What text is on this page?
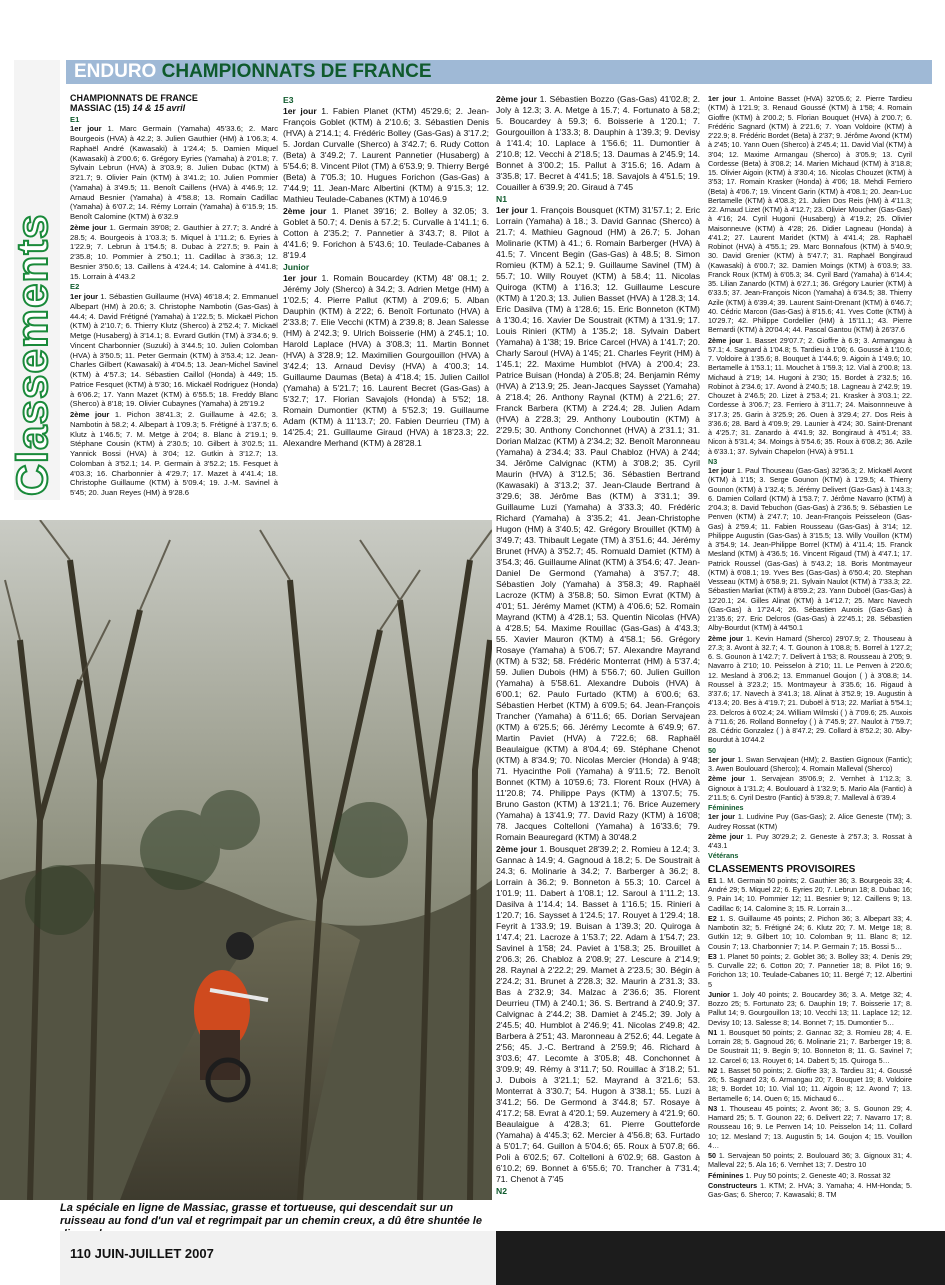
Classements
ENDURO CHAMPIONNATS DE FRANCE
CHAMPIONNATS DE FRANCE
MASSIAC (15) 14 & 15 avril
E1

1er jour 1. Marc Germain (Yamaha) 45'33.6; 2. Marc Bourgeois (HVA) à 42.2; 3. Julien Gauthier (HM) à 1'06.3; 4. Raphaël André (Kawasaki) à 1'24.4; 5. Damien Miquel (Kawasaki) à 2'00.6; 6. Grégory Eyries (Yamaha) à 2'01.8; 7. Sylvain Lebrun (HVA) à 3'03.9; 8. Julien Dubac (KTM) à 3'21.7; 9. Olivier Pain (KTM) à 3'41.2; 10. Julien Pommier (Yamaha) à 3'49.5; 11. Benoît Caillens (HVA) à 4'46.9; 12. Arnaud Besnier (Yamaha) à 4'58.8; 13. Romain Cadillac (Yamaha) à 6'07.2; 14. Rémy Lorrain (Yamaha) à 6'15.9; 15. Benoît Calomine (KTM) à 6'32.9

2ème jour 1. Germain 39'08; 2. Gauthier à 27.7; 3. André à 28.5; 4. Bourgeois à 1'03.3; 5. Miquel à 1'11.2; 6. Eyries à 1'22.9; 7. Lebrun à 1'54.5; 8. Dubac à 2'27.5; 9. Pain à 2'35.8; 10. Pommier à 2'50.1; 11. Cadillac à 3'36.3; 12. Besnier 3'50.6; 13. Caillens à 4'24.4; 14. Calomine à 4'41.8; 15. Lorrain à 4'43.2

E2

1er jour 1. Sébastien Guillaume (HVA) 46'18.4; 2. Emmanuel Albepart (HM) à 20.6; 3. Christophe Nambotin (Gas-Gas) à 44.4; 4. David Frétigné (Yamaha) à 1'22.5; 5. Mickaël Pichon (KTM) à 2'10.7; 6. Thierry Klutz (Sherco) à 2'52.4; 7. Mickaël Metge (Husaberg) à 3'14.1; 8. Evrard Gutkin (TM) à 3'34.6; 9. Vincent Charbonnier (Suzuki) à 3'44.5; 10. Julien Colomban (HVA) à 3'50.5; 11. Peter Germain (KTM) à 3'53.4; 12. Jean-Charles Gilbert (Kawasaki) à 4'04.5; 13. Jean-Michel Savinel (KTM) à 4'57.3; 14. Sébastien Caillol (Honda) à 449; 15. Patrice Fesquet (KTM) à 5'30; 16. Mickaël Rodriguez (Honda) à 6'06.2; 17. Yann Mazet (KTM) à 6'55.5; 18. Freddy Blanc (Sherco) à 8'18; 19. Olivier Cubaynes (Yamaha) à 25'19.2

2ème jour 1. Pichon 38'41.3; 2. Guillaume à 42.6; 3. Nambotin à 58.2; 4. Albepart à 1'09.3; 5. Frétigné à 1'37.5; 6. Klutz à 1'46.5; 7. M. Metge à 2'04; 8. Blanc à 2'19.1; 9. Stéphane Cousin (KTM) à 2'30.5; 10. Gilbert à 3'02.5; 11. Yannick Bossi (HVA) à 3'04; 12. Gutkin à 3'12.7; 13. Colomban à 3'52.1; 14. P. Germain à 3'52.2; 15. Fesquet à 4'03.3; 16. Charbonnier à 4'29.7; 17. Mazet à 4'41.4; 18. Christophe Guillaume (KTM) à 5'09.4; 19. J.-M. Savinel à 5'45; 20. Juan Reyes (HM) à 9'28.6

E3

1er jour 1. Fabien Planet (KTM) 45'29.6; 2. Jean-François Goblet (KTM) à 2'10.6; 3. Sébastien Denis (HVA) à 2'14.1; 4. Frédéric Bolley (Gas-Gas) à 3'17.2; 5. Jordan Curvalle (Sherco) à 3'42.7; 6. Rudy Cotton (Beta) à 3'49.2; 7. Laurent Pannetier (Husaberg) à 5'54.6; 8. Vincent Pilot (TM) à 6'53.9; 9. Thierry Bergé (Beta) à 7'05.3; 10. Hugues Forichon (Gas-Gas) à 7'44.9; 11. Jean-Marc Albertini (KTM) à 9'15.3; 12. Mathieu Teulade-Cabanes (KTM) à 10'46.9

2ème jour 1. Planet 39'16; 2. Bolley à 32.05; 3. Goblet à 50.7; 4. Denis à 57.2; 5. Curvalle à 1'41.1; 6. Cotton à 2'35.2; 7. Pannetier à 3'43.7; 8. Pilot à 4'41.6; 9. Forichon à 5'43.6; 10. Teulade-Cabanes à 8'19.4

Junior

1er jour 1. Romain Boucardey (KTM) 48' 08.1; 2. Jérémy Joly (Sherco) à 34.2; 3. Adrien Metge (HM) à 1'02.5; 4. Pierre Pallut (KTM) à 2'09.6; 5. Alban Dauphin (KTM) à 2'22; 6. Benoît Fortunato (HVA) à 2'33.8; 7. Elie Vecchi (KTM) à 2'39.8; 8. Jean Salesse (HM) à 2'42.3; 9. Ulrich Boisserie (HM) à 2'45.1; 10. Harold Laplace (HVA) à 3'08.3; 11. Martin Bonnet (HVA) à 3'28.9; 12. Maximilien Gourgouillon (HVA) à 3'42.4; 13. Arnaud Devisy (HVA) à 4'00.3; 14. Guillaume Daumas (Beta) à 4'18.4; 15. Julien Caillol (Yamaha) à 5'21.7; 16. Laurent Becret (Gas-Gas) à 5'32.7; 17. Florian Savajols (Honda) à 5'52; 18. Romain Dumontier (KTM) à 5'52.3; 19. Guillaume Adam (KTM) à 11'13.7; 20. Fabien Deurrieu (TM) à 14'25.4; 21. Guillaume Giraud (HVA) à 18'23.3; 22. Alexandre Merhand (KTM) à 28'28.1

2ème jour 1. Sébastien Bozzo (Gas-Gas) 41'02.8; 2. Joly à 12.3; 3. A. Metge à 15.7; 4. Fortunato à 58.2; 5. Boucardey à 59.3; 6. Boisserie à 1'20.1; 7. Gourgouillon à 1'33.3; 8. Dauphin à 1'39.3; 9. Devisy à 1'41.4; 10. Laplace à 1'56.6; 11. Dumontier à 2'10.8; 12. Vecchi à 2'18.5; 13. Daumas à 2'45.9; 14. Bonnet à 3'00.2; 15. Pallut à 3'15.6; 16. Adam à 3'35.8; 17. Becret à 4'41.5; 18. Savajols à 4'51.5; 19. Couailler à 6'39.9; 20. Giraud à 7'45

N1

1er jour 1. François Bousquet (KTM) 31'57.1; 2. Eric Lorrain (Yamaha) à 18.; 3. David Gannac (Sherco) à 21.7; 4. Mathieu Gagnoud (HM) à 26.7; 5. Johan Molinarie (KTM) à 41.; 6. Romain Barberger (HVA) à 41.5; 7. Vincent Begin (Gas-Gas) à 48.5; 8. Simon Romieu (KTM) à 52.1; 9. Guillaume Savinel (TM) à 55.7; 10. Willy Rouyet (KTM) à 58.4; 11. Nicolas Quiroga (KTM) à 1'16.3; 12. Guillaume Lescure (KTM) à 1'20.3; 13. Julien Basset (HVA) à 1'28.3; 14. Eric Dasilva (TM) à 1'28.6; 15. Eric Bonneton (KTM) à 1'30.4; 16. Xavier De Soustrait (KTM) à 1'31.9; 17. Louis Rinieri (KTM) à 1'35.2; 18. Sylvain Dabert (Yamaha) à 1'38; 19. Brice Carcel (HVA) à 1'41.7; 20. Charly Saroul (HVA) à 1'45; 21. Charles Feyrit (HM) à 1'45.1; 22. Maxime Humblot (HVA) à 2'00.4; 23. Patrice Buisan (Honda) à 2'05.8; 24. Benjamin Rémy (HVA) à 2'13.9; 25. Jean-Jacques Saysset (Yamaha) à 2'18.4; 26. Anthony Raynal (KTM) à 2'21.6; 27. Franck Barbera (KTM) à 2'24.4; 28. Julien Adam (HVA) à 2'28.3; 29. Anthony Louboutin (KTM) à 2'29.5; 30. Anthony Conchonnet (HVA) à 2'31.1; 31. Dorian Malzac (KTM) à 2'34.2; 32. Benoît Maronneau (Yamaha) à 2'34.4; 33. Paul Chabloz (HVA) à 2'44; 34. Jérôme Calvignac (KTM) à 3'08.2; 35. Cyril Maurin (HVA) à 3'12.5; 36. Sébastien Bertrand (Kawasaki) à 3'13.2; 37. Jean-Claude Bertrand à 3'29.6; 38. Jérôme Bas (KTM) à 3'31.1; 39. Guillaume Luzi (Yamaha) à 3'33.3; 40. Frédéric Richard (Yamaha) à 3'35.2; 41. Jean-Christophe Hugon (HM) à 3'40.5; 42. Grégory Brouillet (KTM) à 3'49.7; 43. Thibault Legate (TM) à 3'51.6; 44. Jérémy Brunet (HVA) à 3'52.7; 45. Romuald Damiet (KTM) à 3'54.3; 46. Guillaume Alinat (KTM) à 3'54.6; 47. Jean-Daniel De Germond (Yamaha) à 3'57.7; 48. Sébastien Joly (Yamaha) à 3'58.3; 49. Raphaël Lacroze (KTM) à 3'58.8; 50. Simon Evrat (KTM) à 4'01; 51. Jérémy Mamet (KTM) à 4'06.6; 52. Romain Mayrand (KTM) à 4'28.1; 53. Quentin Nicolas (HVA) à 4'28.5; 54. Maxime Rouillac (Gas-Gas) à 4'43.3; 55. Xavier Mauron (KTM) à 4'58.1; 56. Grégory Rosaye (Yamaha) à 5'06.7; 57. Alexandre Mayrand (KTM) à 5'32; 58. Frédéric Monterrat (HM) à 5'37.4; 59. Julien Dubois (HM) à 5'56.7; 60. Julien Guillon (Yamaha) à 5'58.61. Alexandre Dubois (HVA) à 6'00.1; 62. Paulo Furtado (KTM) à 6'00.6; 63. Sébastien Herbet (KTM) à 6'09.5; 64. Jean-François Trancher (Yamaha) à 6'11.6; 65. Dorian Servajean (KTM) à 6'25.5; 66. Jérémy Lecomte à 6'49.9; 67. Martin Paviet (HVA) à 7'22.6; 68. Raphaël Beaulaigue (KTM) à 8'04.4; 69. Stéphane Chenot (KTM) à 8'34.9; 70. Nicolas Mercier (Honda) à 9'48; 71. Hyacinthe Poli (Yamaha) à 9'11.5; 72. Benoît Bonnet (KTM) à 10'59.6; 73. Florent Roux (HVA) à 11'20.8; 74. Philippe Pays (KTM) à 13'07.5; 75. Bruno Gaston (KTM) à 13'21.1; 76. Brice Auzemery (Yamaha) à 13'41.9; 77. David Razy (KTM) à 16'08; 78. Jacques Coltelloni (Yamaha) à 16'33.6; 79. Romain Beauregard (KTM) à 30'48.2

2ème jour 1. Bousquet 28'39.2; 2. Romieu à 12.4; 3. Gannac à 14.9; 4. Gagnoud à 18.2; 5. De Soustrait à 24.3; 6. Molinarie à 34.2; 7. Barberger à 36.2; 8. Lorrain à 36.2; 9. Bonneton à 55.3; 10. Carcel à 1'01.9; 11. Dabert à 1'08.1; 12. Saroul à 1'11.2; 13. Dasilva à 1'14.4; 14. Basset à 1'16.5; 15. Rinieri à 1'20.7; 16. Saysset à 1'24.5; 17. Rouyet à 1'29.4; 18. Feyrit à 1'33.9; 19. Buisan à 1'39.3; 20. Quiroga à 1'47.4; 21. Lacroze à 1'53.7; 22. Adam à 1'54.7; 23. Savinel à 1'58; 24. Paviet à 1'58.3; 25. Brouillet à 2'06.3; 26. Chabloz à 2'08.9; 27. Lescure à 2'14.9; 28. Raynal à 2'22.2; 29. Mamet à 2'23.5; 30. Bégin à 2'24.2; 31. Brunet à 2'28.3; 32. Maurin à 2'31.3; 33. Bas à 2'32.9; 34. Malzac à 2'36.6; 35. Florent Deurrieu (TM) à 2'40.1; 36. S. Bertrand à 2'40.9; 37. Calvignac à 2'44.2; 38. Damiet à 2'45.2; 39. Joly à 2'45.5; 40. Humblot à 2'46.9; 41. Nicolas 2'49.8; 42. Barbera à 2'51; 43. Maronneau à 2'52.6; 44. Legate à 2'56; 45. J.-C. Bertrand à 2'59.9; 46. Richard à 3'03.6; 47. Lecomte à 3'05.8; 48. Conchonnet à 3'09.9; 49. Rémy à 3'11.7; 50. Rouillac à 3'18.2; 51. J. Dubois à 3'21.1; 52. Mayrand à 3'21.6; 53. Monterrat à 3'30.7; 54. Hugon à 3'38.1; 55. Luzi à 3'41.2; 56. De Germond à 3'44.8; 57. Rosaye à 4'17.2; 58. Evrat à 4'20.1; 59. Auzemery à 4'21.9; 60. Beaulaigue à 4'28.3; 61. Pierre Goutteforde (Yamaha) à 4'45.3; 62. Mercier à 4'56.8; 63. Furtado à 5'01.7; 64. Guillon à 5'04.6; 65. Roux à 5'07.8; 66. Poli à 6'02.5; 67. Coltelloni à 6'02.9; 68. Gaston à 6'10.2; 69. Bonnet à 6'55.6; 70. Trancher à 7'31.4; 71. Chenot à 7'45

N2

1er jour 1. Antoine Basset (HVA) 32'05.6; 2. Pierre Tardieu (KTM) à 1'21.9; 3. Renaud Goussé (KTM) à 1'58; 4. Romain Gioffre (KTM) à 2'00.2; 5. Florian Bouquet (HVA) à 2'00.7; 6. Frédéric Sagnard (KTM) à 2'21.6; 7. Yoan Voldoire (KTM) à 2'22.9; 8. Frédéric Bordet (Beta) à 2'37; 9. Jérôme Avond (KTM) à 2'45; 10. Yann Ouen (Sherco) à 2'45.4; 11. David Vial (KTM) à 3'04; 12. Maxime Armangau (Sherco) à 3'05.9; 13. Cyril Cordesse (Beta) à 3'08.2; 14. Marien Michaud (KTM) à 3'18.8; 15. Olivier Aigoin (KTM) à 3'30.4; 16. Nicolas Chouzet (KTM) à 3'53; 17. Romain Krasker (Honda) à 4'06; 18. Mehdi Ferriero (Beta) à 4'06.7; 19. Vincent Garin (KTM) à 4'08.1; 20. Jean-Luc Bertamelle (KTM) à 4'08.3; 21. Julien Dos Reis (HM) à 4'11.3; 22. Arnaud Lizet (KTM) à 4'12.7; 23. Olivier Moucher (Gas-Gas) à 4'16; 24. Cyril Hugoni (Husaberg) à 4'19.2; 25. Olivier Maisonneuve (KTM) à 4'28; 26. Didier Lagneau (Honda) à 4'41.2; 27. Laurent Maridet (KTM) à 4'41.4; 28. Raphaël Robinot (HVA) à 4'55.1; 29. Marc Bonnafous (KTM) à 5'40.9; 30. David Grenier (KTM) à 5'47.7; 31. Raphaël Bongiraud (Kawasaki) à 6'00.7; 32. Damien Moings (KTM) à 6'03.9; 33. Franck Roux (KTM) à 6'05.3; 34. Cyril Bard (Yamaha) à 6'14.4; 35. Lilian Zanardo (KTM) à 6'27.1; 36. Grégory Laurier (KTM) à 6'33.5; 37. Jean-François Nicon (Yamaha) à 6'34.5; 38. Thierry Azile (KTM) à 6'39.4; 39. Laurent Saint-Drenant (KTM) à 6'46.7; 40. Cédric Marcon (Gas-Gas) à 8'15.6; 41. Yves Cotte (KTM) à 10'29.7; 42. Philippe Cordellier (HM) à 15'11.1; 43. Pierre Bernardi (KTM) à 20'04.4; 44. Pascal Gantou (KTM) à 26'37.6

2ème jour 1. Basset 29'07.7; 2. Gioffre à 6.9; 3. Armangau à 57.1; 4. Sagnard à 1'04.8; 5. Tardieu à 1'06; 6. Goussé à 1'10.6; 7. Voldoire à 1'35.6; 8. Bouquet à 1'44.6; 9. Aigoin à 1'49.6; 10. Bertamelle à 1'53.1; 11. Mouchet à 1'59.3; 12. Vial à 2'00.8; 13. Michaud à 2'19; 14. Hugoni à 2'30; 15. Bordet à 2'32.5; 16. Robinot à 2'34.6; 17. Avond à 2'40.5; 18. Lagneau à 2'42.9; 19. Chouzet à 2'46.5; 20. Lizet à 2'53.4; 21. Krasker à 3'03.1; 22. Cordesse à 3'06.7; 23. Ferriero à 3'11.7; 24. Maisonnneuve à 3'17.3; 25. Garin à 3'25.9; 26. Ouen à 3'29.4; 27. Dos Reis à 3'36.6; 28. Bard à 4'09.9; 29. Launier à 4'24; 30. Saint-Drenant à 4'25.7; 31. Zanardo à 4'41.9; 32. Bongiraud à 4'51.4; 33. Nicon à 5'31.4; 34. Moings à 5'54.6; 35. Roux à 6'08.2; 36. Azile à 6'33.1; 37. Sylvain Chapelon (HVA) à 9'51.1

N3

1er jour 1. Paul Thouseau (Gas-Gas) 32'36.3; 2. Mickaël Avont (KTM) à 1'15; 3. Serge Gounon (KTM) à 1'29.5; 4. Thierry Gounon (KTM) à 1'32.4; 5. Jérémy Delivert (Gas-Gas) à 1'43.3; 6. Damien Collard (KTM) à 1'53.7; 7. Jérôme Navarro (KTM) à 2'04.3; 8. David Tebuchon (Gas-Gas) à 2'36.5; 9. Sébastien Le Penven (KTM) à 2'47.7; 10. Jean-François Peisseleon (Gas-Gas) à 2'59.4; 11. Fabien Rousseau (Gas-Gas) à 3'14; 12. Philippe Augustin (Gas-Gas) à 3'15.5; 13. Willy Vouillon (KTM) à 3'54.9; 14. Jean-Philippe Borrel (KTM) à 4'11.4; 15. Franck Mesland (KTM) à 4'36.5; 16. Vincent Rigaud (TM) à 4'47.1; 17. Patrick Roussel (Gas-Gas) à 5'43.2; 18. Boris Montmayeur (KTM) à 6'08.1; 19. Yves Bes (Gas-Gas) à 6'50.4; 20. Stephan Vesseau (KTM) à 6'58.9; 21. Sylvain Naulot (KTM) à 7'33.3; 22. Sébastien Marliat (KTM) à 8'59.2; 23. Yann Duboël (Gas-Gas) à 12'20.1; 24. Gilles Alinat (KTM) à 14'12.7; 25. Marc Navech (Gas-Gas) à 17'24.4; 26. Sébastien Auxois (Gas-Gas) à 21'35.6; 27. Eric Delcros (Gas-Gas) à 22'45.1; 28. Sébastien Alby-Bourdut (KTM) à 44'50.1

2ème jour 1. Kevin Hamard (Sherco) 29'07.9; 2. Thouseau à 27.3; 3. Avont à 32.7; 4. T. Gounon à 1'08.8; 5. Borrel à 1'27.2; 6. S. Gounon à 1'42.7; 7. Delivert à 1'53; 8. Rousseau à 2'05; 9. Navarro à 2'10; 10. Peisselon à 2'10; 11. Le Penven à 2'20.6; 12. Mesland à 3'06.2; 13. Emmanuel Goujon ( ) à 3'08.8; 14. Roussel à 3'23.2; 15. Montmayeur à 3'35.6; 16. Rigaud à 3'37.6; 17. Navech à 3'41.3; 18. Alinat à 3'52.9; 19. Augustin à 4'13.4; 20. Bes à 4'19.7; 21. Duboël à 5'13; 22. Marliat à 5'54.1; 23. Delcros à 6'02.4; 24. William Wilmski ( ) à 7'09.6; 25. Auxois à 7'11.6; 26. Rolland Bonnefoy ( ) à 7'45.9; 27. Naulot à 7'59.7; 28. Cédric Gonzalez ( ) à 8'47.2; 29. Collard à 8'52.2; 30. Alby-Bourdut à 10'44.2

50

1er jour 1. Swan Servajean (HM); 2. Bastien Gignoux (Fantic); 3. Awen Boulouard (Sherco); 4. Romain Malleval (Sherco)

2ème jour 1. Servajean 35'06.9; 2. Vernhet à 1'12.3; 3. Gignoux à 1'31.2; 4. Boulouard à 1'32.9; 5. Mario Ala (Fantic) à 2'11.5; 6. Cyril Destro (Fantic) à 5'39.8; 7. Malleval à 6'39.4

Féminines

1er jour 1. Ludivine Puy (Gas-Gas); 2. Alice Geneste (TM); 3. Audrey Rossat (KTM)

2ème jour 1. Puy 30'29.2; 2. Geneste à 2'57.3; 3. Rossat à 4'43.1

Vétérans
CLASSEMENTS PROVISOIRES

E1 1. M. Germain 50 points; 2. Gauthier 36; 3. Bourgeois 33; 4. André 29; 5. Miquel 22; 6. Eyries 20; 7. Lebrun 18; 8. Dubac 16; 9. Pain 14; 10. Pommier 12; 11. Besnier 9; 12. Caillens 9; 13. Cadillac 6; 14. Calomine 3; 15. R. Lorrain 3…

E2 1. S. Guillaume 45 points; 2. Pichon 36; 3. Albepart 33; 4. Nambotin 32; 5. Frétigné 24; 6. Klutz 20; 7. M. Metge 18; 8. Gutkin 12; 9. Gilbert 10; 10. Colomban 9; 11. Blanc 8; 12. Cousin 7; 13. Charbonnier 7; 14. P. Germain 7; 15. Bossi 5…

E3 1. Planet 50 points; 2. Goblet 36; 3. Bolley 33; 4. Denis 29; 5. Curvalle 22; 6. Cotton 20; 7. Pannetier 18; 8. Pilot 16; 9. Forichon 13; 10. Teulade-Cabanes 10; 11. Bergé 7; 12. Albertini 5

Junior 1. Joly 40 points; 2. Boucardey 36; 3. A. Metge 32; 4. Bozzo 25; 5. Fortunato 23; 6. Dauphin 19; 7. Boisserie 17; 8. Pallut 14; 9. Gourgouillon 13; 10. Vecchi 13; 11. Laplace 12; 12. Devisy 10; 13. Salesse 8; 14. Bonnet 7; 15. Dumontier 5…

N1 1. Bousquet 50 points; 2. Gannac 32; 3. Romieu 28; 4. E. Lorrain 28; 5. Gagnoud 26; 6. Molinarie 21; 7. Barberger 19; 8. De Soustrait 11; 9. Begin 9; 10. Bonneton 8; 11. G. Savinel 7; 12. Carcel 6; 13. Rouyet 6; 14. Dabert 5; 15. Quiroga 5…

N2 1. Basset 50 points; 2. Gioffre 33; 3. Tardieu 31; 4. Goussé 26; 5. Sagnard 23; 6. Armangau 20; 7. Bouquet 19; 8. Voldoire 18; 9. Bordet 10; 10. Vial 10; 11. Aigoin 8; 12. Avond 7; 13. Bertamelle 6; 14. Ouen 6; 15. Michaud 6…

N3 1. Thouseau 45 points; 2. Avont 36; 3. S. Gounon 29; 4. Hamard 25; 5. T. Gounon 22; 6. Delivert 22; 7. Navarro 17; 8. Rousseau 16; 9. Le Penven 14; 10. Peisselon 14; 11. Collard 10; 12. Mesland 7; 13. Augustin 5; 14. Goujon 4; 15. Vouillon 4…

50 1. Servajean 50 points; 2. Boulouard 36; 3. Gignoux 31; 4. Malleval 22; 5. Ala 16; 6. Vernhet 13; 7. Destro 10

Féminines 1. Puy 50 points; 2. Geneste 40; 3. Rossat 32

Constructeurs 1. KTM; 2. HVA; 3. Yamaha; 4. HM-Honda; 5. Gas-Gas; 6. Sherco; 7. Kawasaki; 8. TM

La spéciale en ligne de Massiac, grasse et tortueuse, qui descendait sur un ruisseau au fond d'un val et regrimpait par un chemin creux, a dû être shuntée le
110 JUIN-JUILLET 2007
